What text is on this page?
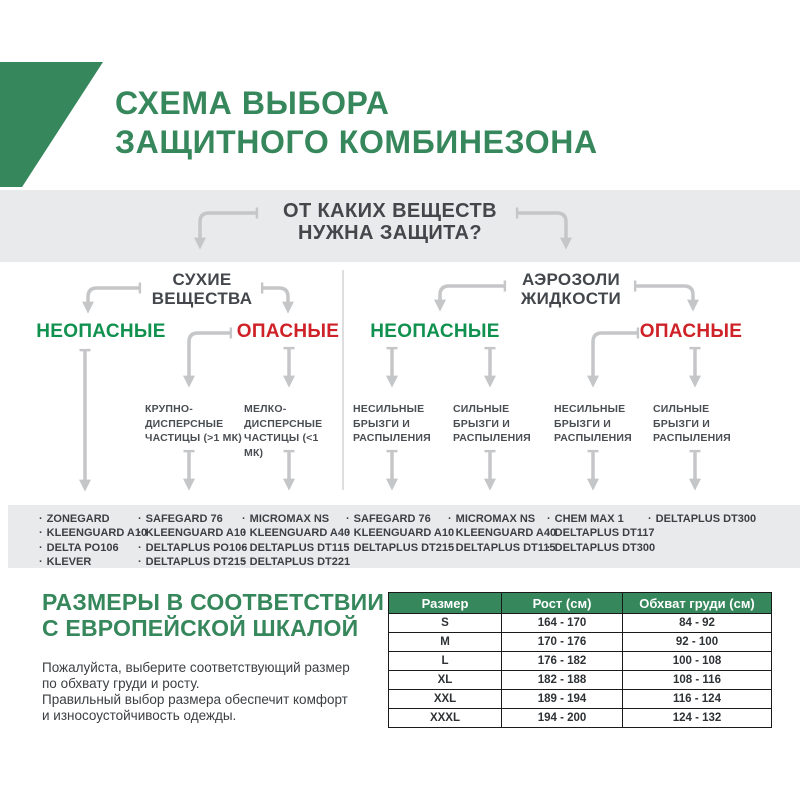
СХЕМА ВЫБОРА
ЗАЩИТНОГО КОМБИНЕЗОНА
ОТ КАКИХ ВЕЩЕСТВ
НУЖНА ЗАЩИТА?
СУХИЕ
ВЕЩЕСТВА
НЕОПАСНЫЕ	ОПАСНЫЕ
КРУПНО-
ДИСПЕРСНЫЕ
ЧАСТИЦЫ (>1 МК)
МЕЛКО-
ДИСПЕРСНЫЕ
ЧАСТИЦЫ (<1
МК)
АЭРОЗОЛИ
ЖИДКОСТИ
НЕОПАСНЫЕ	ОПАСНЫЕ
НЕСИЛЬНЫЕ
БРЫЗГИ И
РАСПЫЛЕНИЯ
СИЛЬНЫЕ
БРЫЗГИ И
РАСПЫЛЕНИЯ
НЕСИЛЬНЫЕ
БРЫЗГИ И
РАСПЫЛЕНИЯ
СИЛЬНЫЕ
БРЫЗГИ И
РАСПЫЛЕНИЯ
· ZONEGARD
· KLEENGUARD A10
· DELTA PO106
· KLEVER
· SAFEGARD 76
· KLEENGUARD A10
· DELTAPLUS PO106
· DELTAPLUS DT215
· MICROMAX NS
· KLEENGUARD A40
· DELTAPLUS DT115
· DELTAPLUS DT221
· SAFEGARD 76
· KLEENGUARD A10
· DELTAPLUS DT215
· MICROMAX NS
· KLEENGUARD A40
· DELTAPLUS DT115
· CHEM MAX 1
· DELTAPLUS DT117
· DELTAPLUS DT300
· DELTAPLUS DT300
РАЗМЕРЫ В СООТВЕТСТВИИ
С ЕВРОПЕЙСКОЙ ШКАЛОЙ
Пожалуйста, выберите соответствующий размер
по обхвату груди и росту.
Правильный выбор размера обеспечит комфорт
и износоустойчивость одежды.
Размер	Рост (см)	Обхват груди (см)
S	164 - 170	84 - 92
M	170 - 176	92 - 100
L	176 - 182	100 - 108
XL	182 - 188	108 - 116
XXL	189 - 194	116 - 124
XXXL	194 - 200	124 - 132
